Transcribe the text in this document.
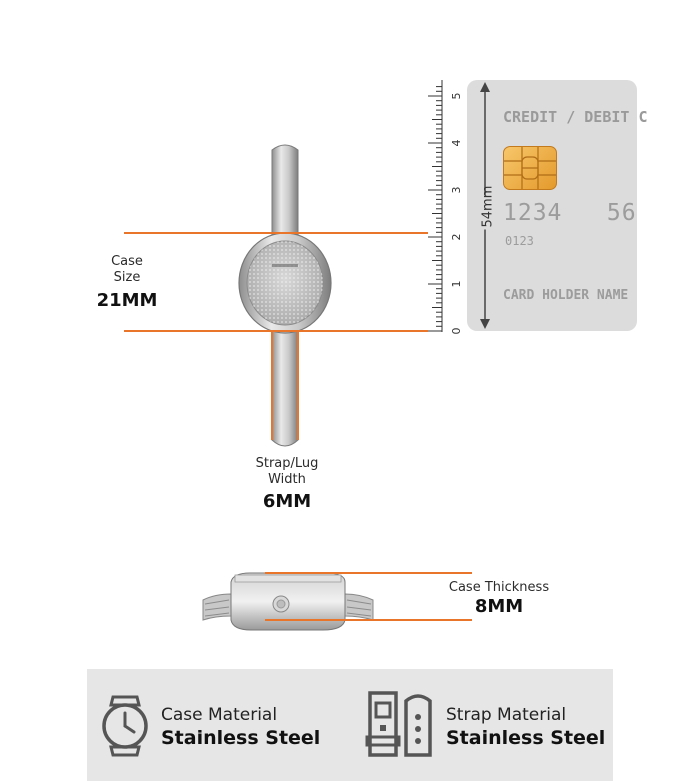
0
1
2
3
4
5
54mm
CREDIT / DEBIT C
1234   56
0123
CARD HOLDER NAME
Case
Size
21MM
Strap/Lug
Width
6MM
Case Thickness
8MM
Case Material
Stainless Steel
Strap Material
Stainless Steel
